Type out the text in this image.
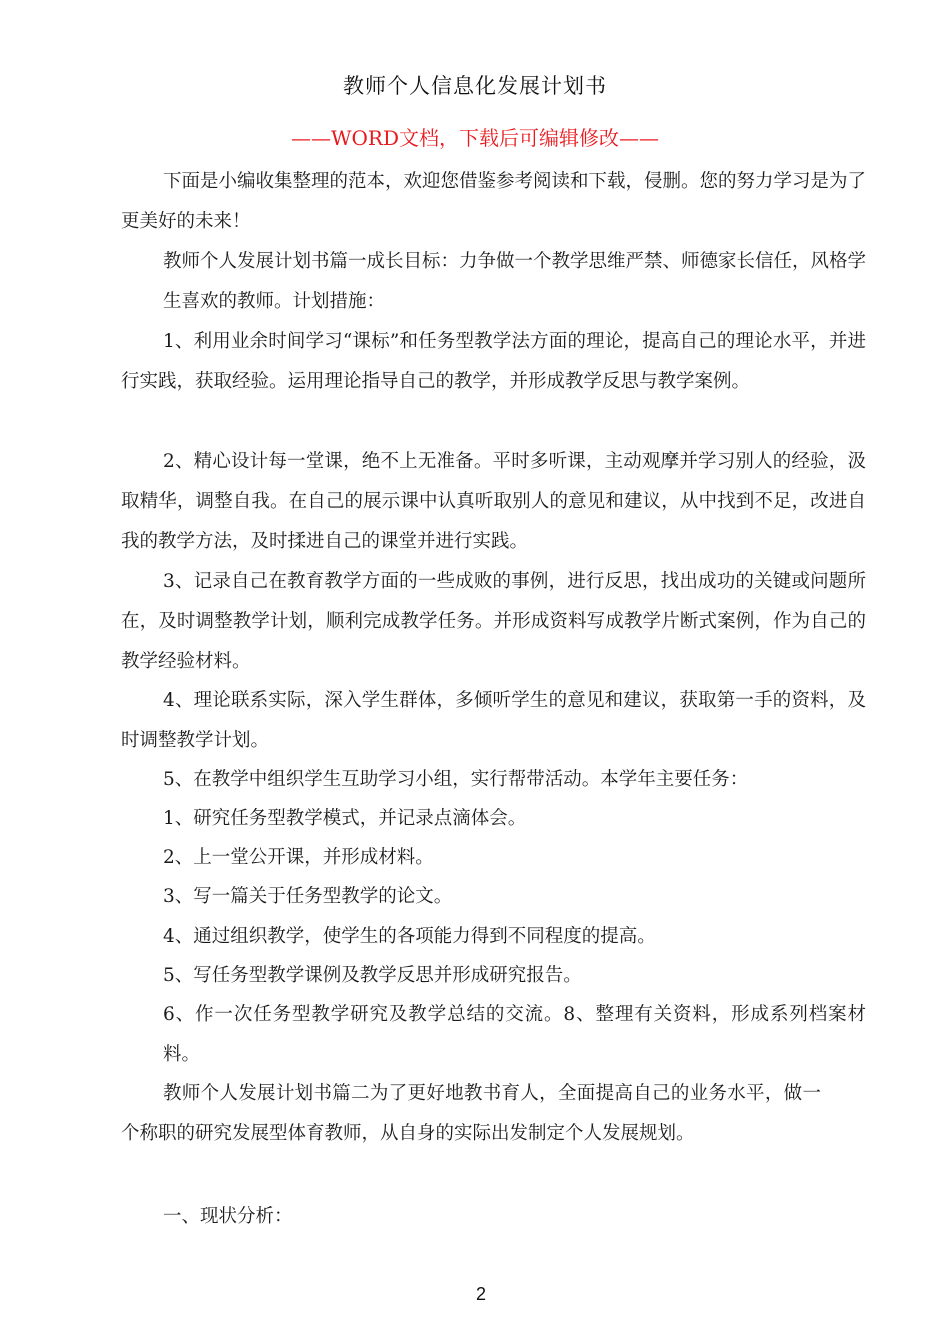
教师个人信息化发展计划书
——WORD文档，下载后可编辑修改——

下面是小编收集整理的范本，欢迎您借鉴参考阅读和下载，侵删。您的努力学习是为了更美好的未来！

教师个人发展计划书篇一成长目标：力争做一个教学思维严禁、师德家长信任，风格学生喜欢的教师。计划措施：

1、利用业余时间学习“课标”和任务型教学法方面的理论，提高自己的理论水平，并进行实践，获取经验。运用理论指导自己的教学，并形成教学反思与教学案例。

2、精心设计每一堂课，绝不上无准备。平时多听课，主动观摩并学习别人的经验，汲取精华，调整自我。在自己的展示课中认真听取别人的意见和建议，从中找到不足，改进自我的教学方法，及时揉进自己的课堂并进行实践。

3、记录自己在教育教学方面的一些成败的事例，进行反思，找出成功的关键或问题所在，及时调整教学计划，顺利完成教学任务。并形成资料写成教学片断式案例，作为自己的教学经验材料。

4、理论联系实际，深入学生群体，多倾听学生的意见和建议，获取第一手的资料，及时调整教学计划。

5、在教学中组织学生互助学习小组，实行帮带活动。本学年主要任务：

1、研究任务型教学模式，并记录点滴体会。

2、上一堂公开课，并形成材料。

3、写一篇关于任务型教学的论文。

4、通过组织教学，使学生的各项能力得到不同程度的提高。

5、写任务型教学课例及教学反思并形成研究报告。

6、作一次任务型教学研究及教学总结的交流。8、整理有关资料，形成系列档案材料。

教师个人发展计划书篇二为了更好地教书育人，全面提高自己的业务水平，做一个称职的研究发展型体育教师，从自身的实际出发制定个人发展规划。

一、现状分析：

2
